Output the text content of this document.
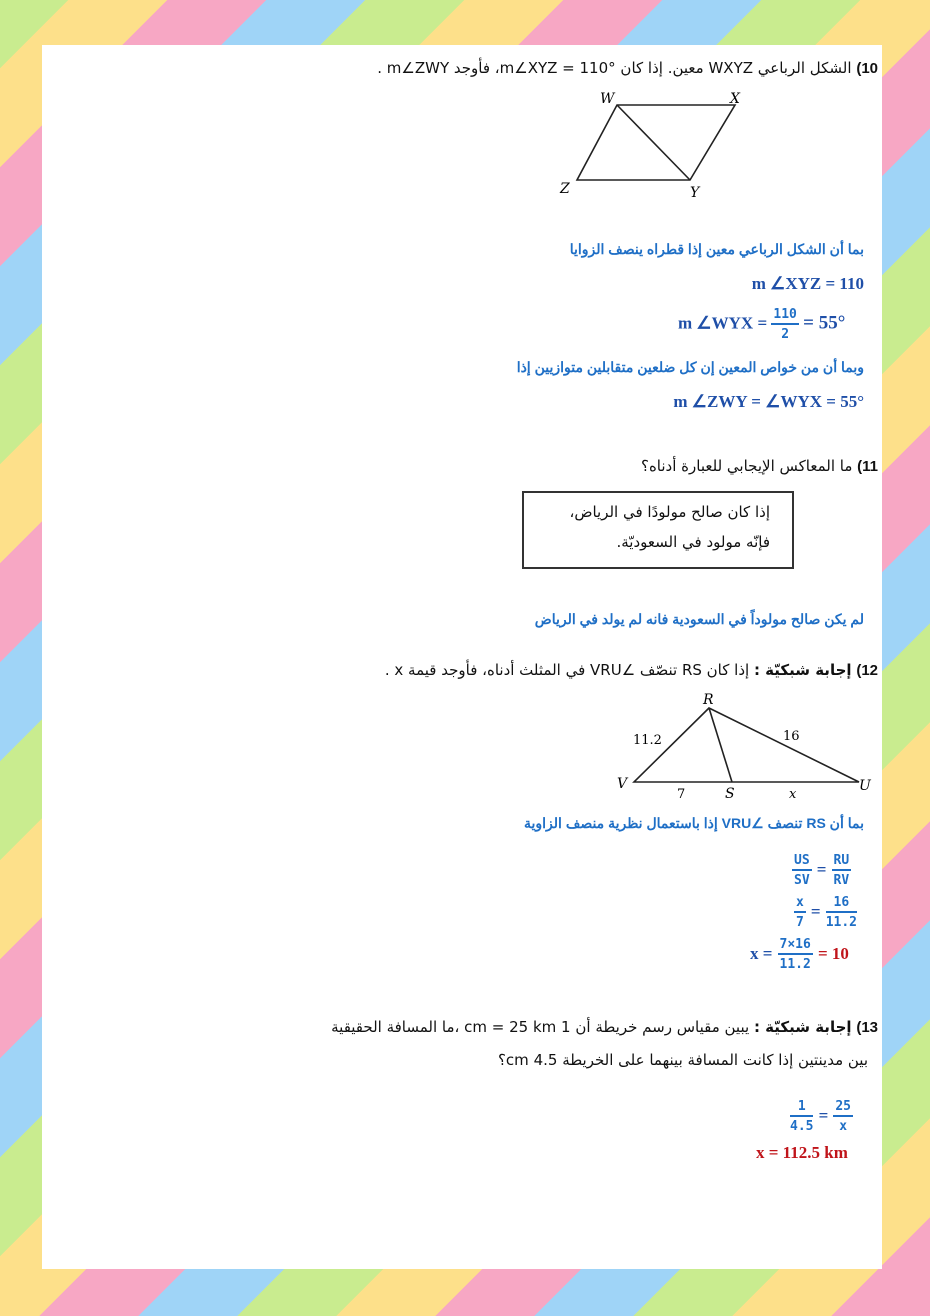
10) الشكل الرباعي WXYZ معين. إذا كان m∠XYZ = 110°، فأوجد m∠ZWY .
W	X
Z	Y
بما أن الشكل الرباعي معين إذا قطراه ينصف الزوايا
m ∠XYZ = 110
m ∠WYX = $\frac{110}{2} = 55^\circ$
وبما أن من خواص المعين إن كل ضلعين متقابلين متوازيين إذا
m ∠ZWY = ∠WYX = 55°
11) ما المعاكس الإيجابي للعبارة أدناه؟
إذا كان صالح مولودًا في الرياض،
فإنّه مولود في السعوديّة.
لم يكن صالح مولوداً في السعودية فانه لم يولد في الرياض
12) إجابة شبكيّة : إذا كان RS تنصّف ∠VRU في المثلث أدناه، فأوجد قيمة x .
R
V
S	U
11.2	16
7	x
بما أن RS تنصف ∠VRU إذا باستعمال نظرية منصف الزاوية
$\frac{US}{SV} = \frac{RU}{RV}$
$\frac{x}{7} = \frac{16}{11.2}$
$x = \frac{7\times 16}{11.2} = 10$
13) إجابة شبكيّة : يبين مقياس رسم خريطة أن 1 cm = 25 km ،ما المسافة الحقيقية
بين مدينتين إذا كانت المسافة بينهما على الخريطة 4.5 cm؟
$\frac{1}{4.5} = \frac{25}{x}$
x = 112.5 km
